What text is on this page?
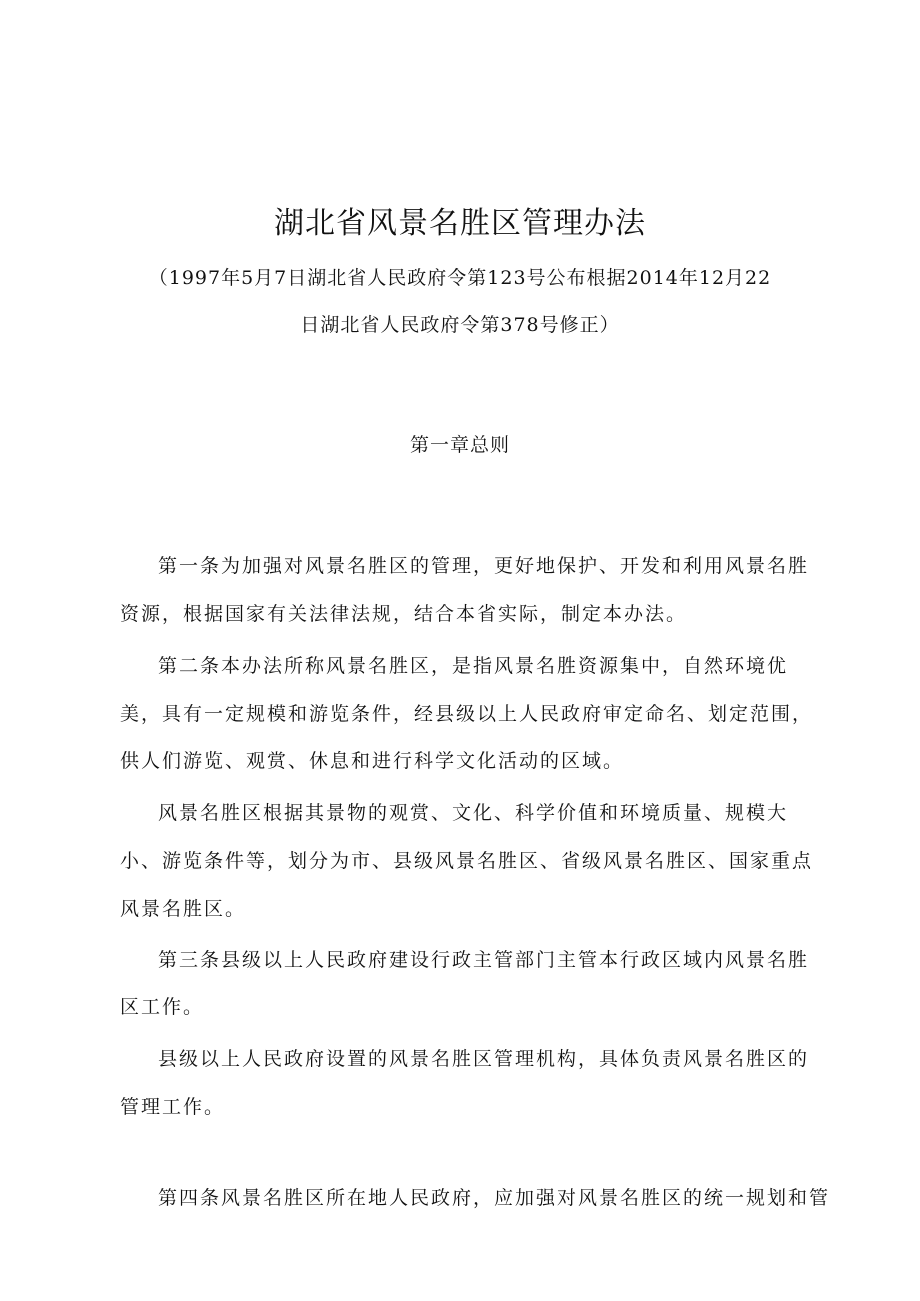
湖北省风景名胜区管理办法
（1997年5月7日湖北省人民政府令第123号公布根据2014年12月22
日湖北省人民政府令第378号修正）
第一章总则
第一条为加强对风景名胜区的管理，更好地保护、开发和利用风景名胜
资源，根据国家有关法律法规，结合本省实际，制定本办法。
第二条本办法所称风景名胜区，是指风景名胜资源集中，自然环境优
美，具有一定规模和游览条件，经县级以上人民政府审定命名、划定范围，
供人们游览、观赏、休息和进行科学文化活动的区域。
风景名胜区根据其景物的观赏、文化、科学价值和环境质量、规模大
小、游览条件等，划分为市、县级风景名胜区、省级风景名胜区、国家重点
风景名胜区。
第三条县级以上人民政府建设行政主管部门主管本行政区域内风景名胜
区工作。
县级以上人民政府设置的风景名胜区管理机构，具体负责风景名胜区的
管理工作。
第四条风景名胜区所在地人民政府，应加强对风景名胜区的统一规划和管
